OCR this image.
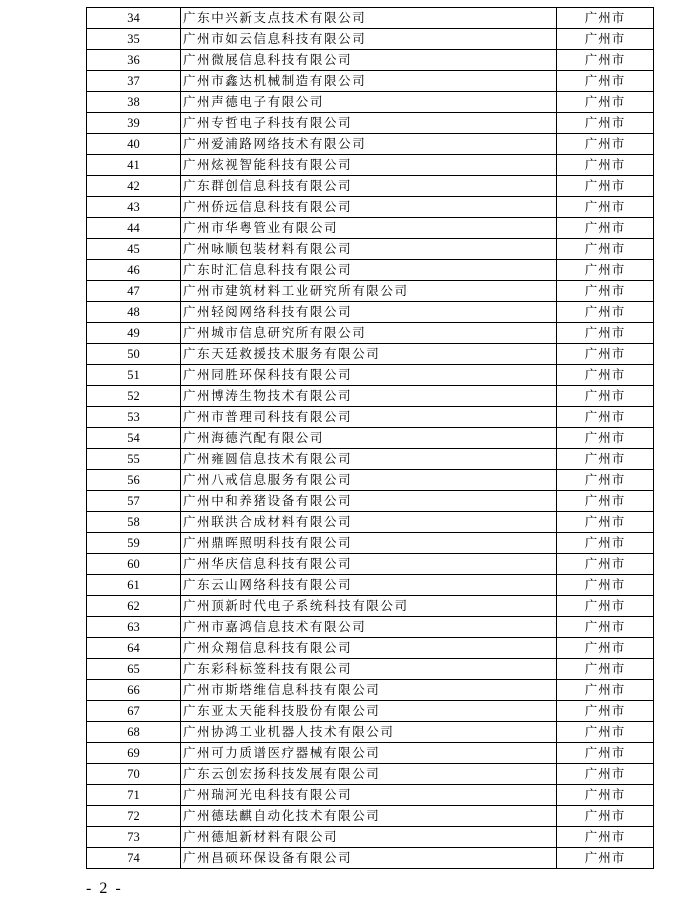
34	广东中兴新支点技术有限公司	广州市
35	广州市如云信息科技有限公司	广州市
36	广州微展信息科技有限公司	广州市
37	广州市鑫达机械制造有限公司	广州市
38	广州声德电子有限公司	广州市
39	广州专哲电子科技有限公司	广州市
40	广州爱浦路网络技术有限公司	广州市
41	广州炫视智能科技有限公司	广州市
42	广东群创信息科技有限公司	广州市
43	广州侨远信息科技有限公司	广州市
44	广州市华粤管业有限公司	广州市
45	广州咏顺包装材料有限公司	广州市
46	广东时汇信息科技有限公司	广州市
47	广州市建筑材料工业研究所有限公司	广州市
48	广州轻阅网络科技有限公司	广州市
49	广州城市信息研究所有限公司	广州市
50	广东天廷救援技术服务有限公司	广州市
51	广州同胜环保科技有限公司	广州市
52	广州博涛生物技术有限公司	广州市
53	广州市普理司科技有限公司	广州市
54	广州海德汽配有限公司	广州市
55	广州雍圆信息技术有限公司	广州市
56	广州八戒信息服务有限公司	广州市
57	广州中和养猪设备有限公司	广州市
58	广州联洪合成材料有限公司	广州市
59	广州鼎晖照明科技有限公司	广州市
60	广州华庆信息科技有限公司	广州市
61	广东云山网络科技有限公司	广州市
62	广州顶新时代电子系统科技有限公司	广州市
63	广州市嘉鸿信息技术有限公司	广州市
64	广州众翔信息科技有限公司	广州市
65	广东彩科标签科技有限公司	广州市
66	广州市斯塔维信息科技有限公司	广州市
67	广东亚太天能科技股份有限公司	广州市
68	广州协鸿工业机器人技术有限公司	广州市
69	广州可力质谱医疗器械有限公司	广州市
70	广东云创宏扬科技发展有限公司	广州市
71	广州瑞河光电科技有限公司	广州市
72	广州德珐麒自动化技术有限公司	广州市
73	广州德旭新材料有限公司	广州市
74	广州昌硕环保设备有限公司	广州市
- 2 -
